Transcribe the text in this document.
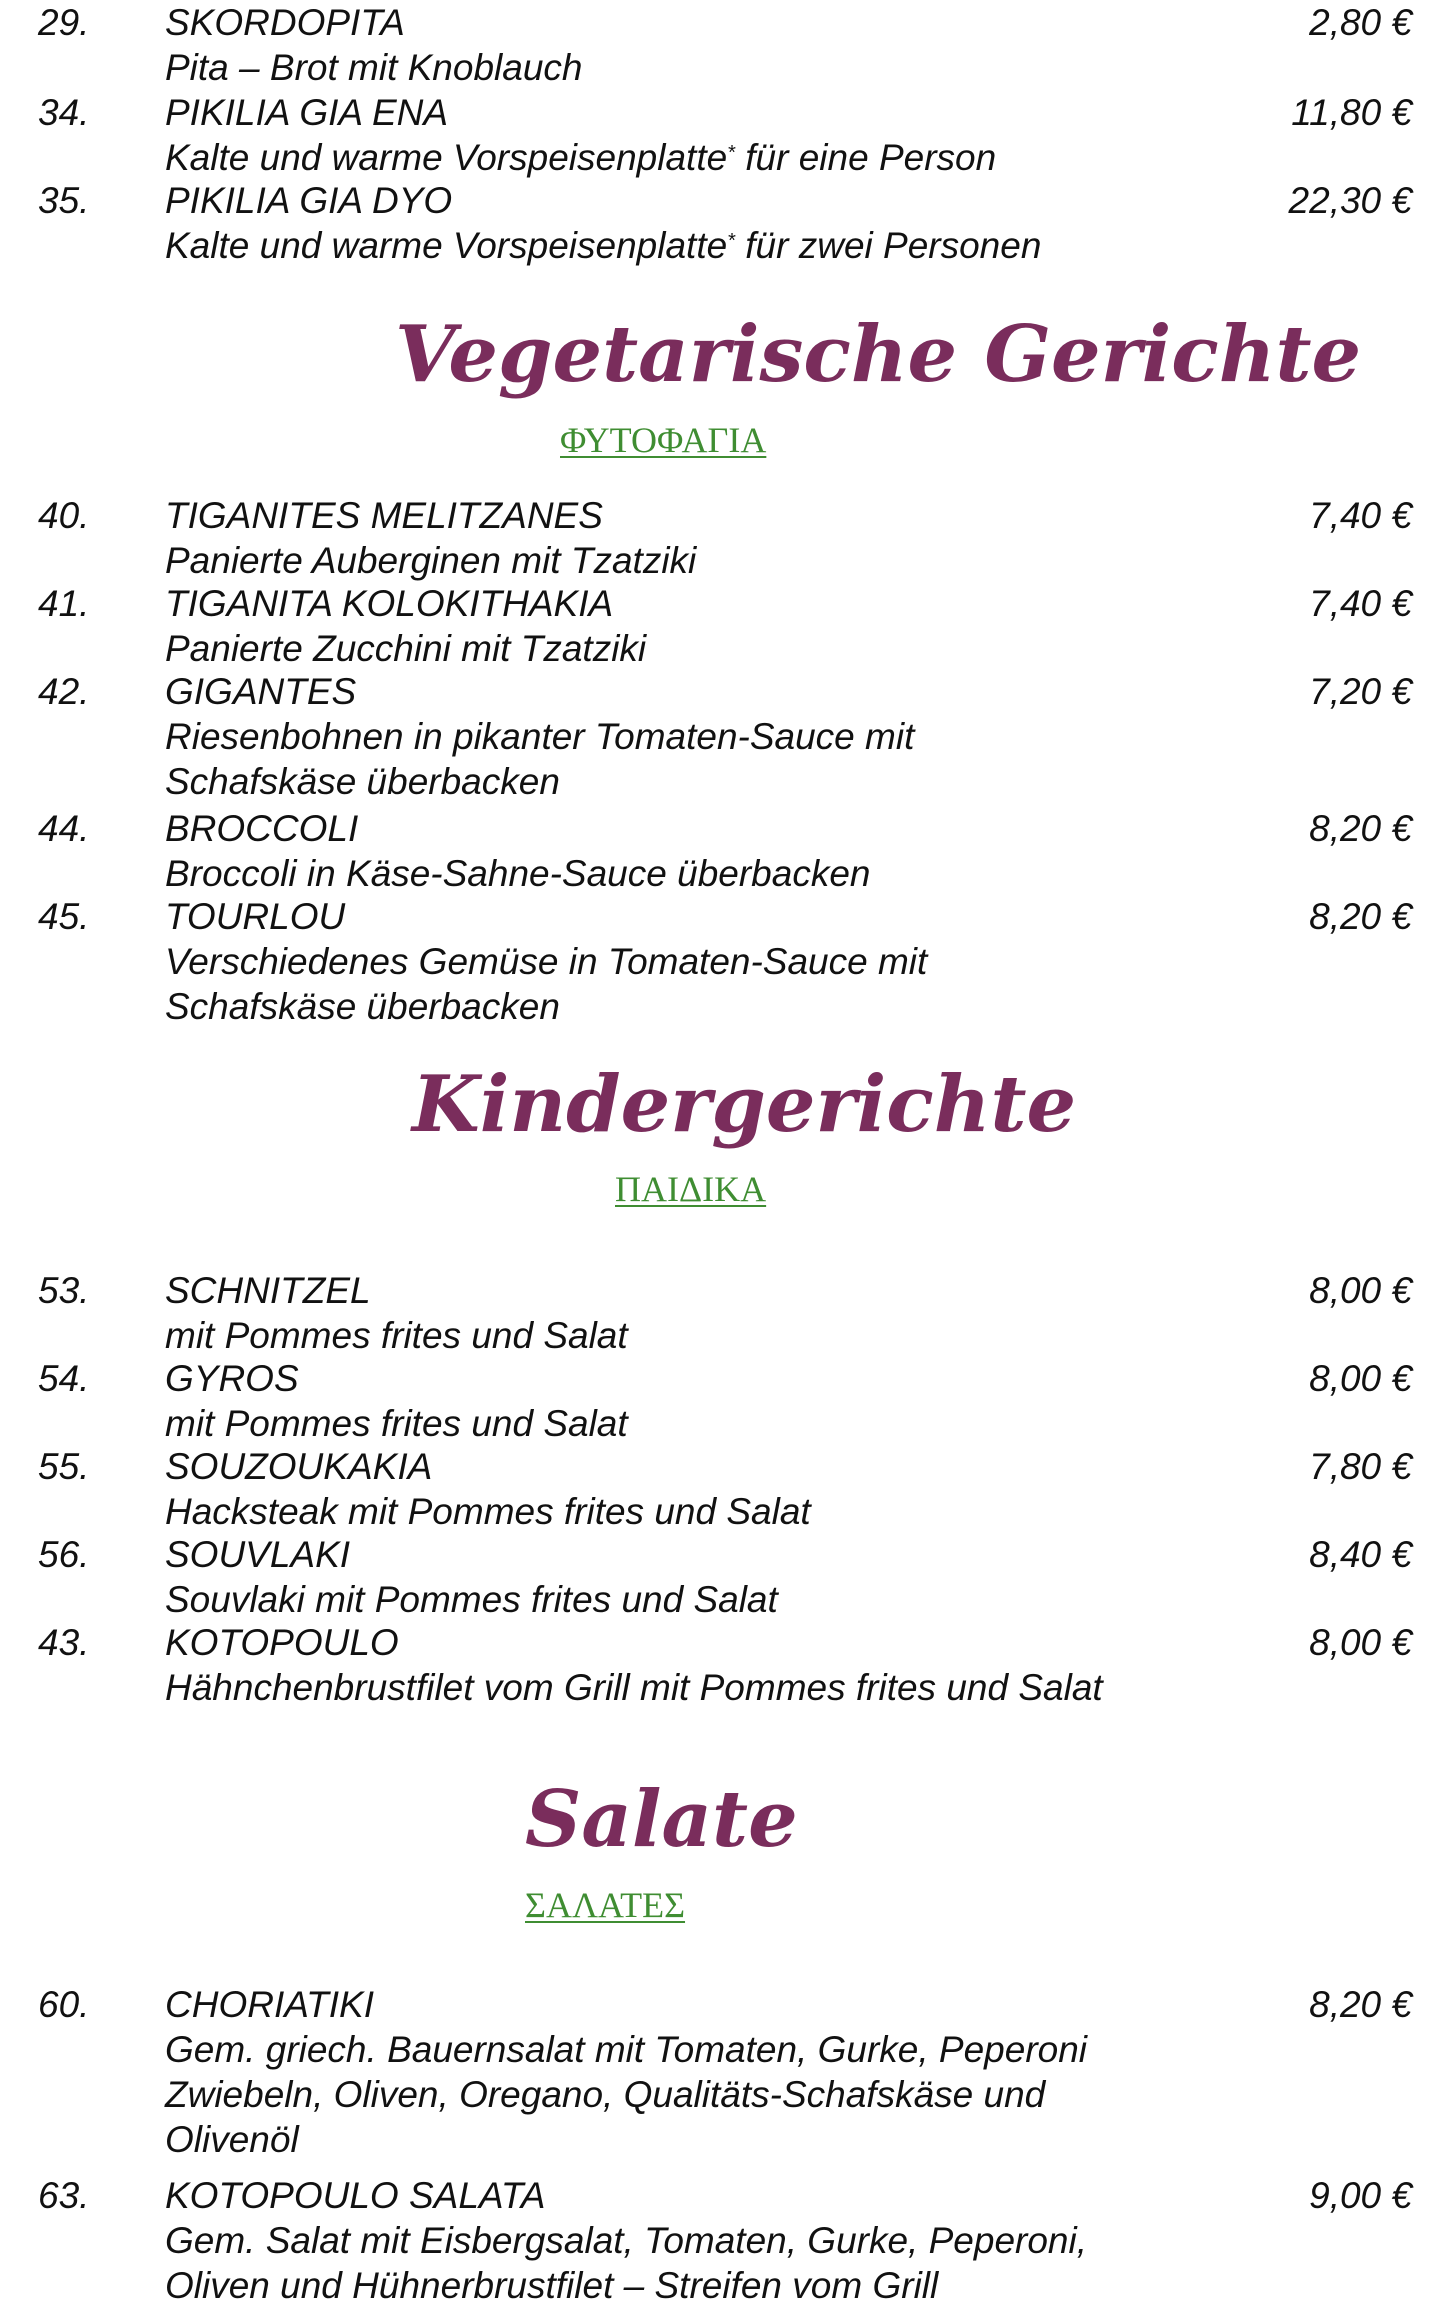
29. SKORDOPITA	2,80 €
Pita – Brot mit Knoblauch
34. PIKILIA GIA ENA	11,80 €
Kalte und warme Vorspeisenplatte* für eine Person
35. PIKILIA GIA DYO	22,30 €
Kalte und warme Vorspeisenplatte* für zwei Personen
Vegetarische Gerichte
ΦΥΤΟΦΑΓΙΑ
40. TIGANITES MELITZANES	7,40 €
Panierte Auberginen mit Tzatziki
41. TIGANITA KOLOKITHAKIA	7,40 €
Panierte Zucchini mit Tzatziki
42. GIGANTES	7,20 €
Riesenbohnen in pikanter Tomaten-Sauce mit
Schafskäse überbacken
44. BROCCOLI	8,20 €
Broccoli in Käse-Sahne-Sauce überbacken
45. TOURLOU	8,20 €
Verschiedenes Gemüse in Tomaten-Sauce mit
Schafskäse überbacken
Kindergerichte
ΠΑΙΔΙΚΑ
53. SCHNITZEL	8,00 €
mit Pommes frites und Salat
54. GYROS	8,00 €
mit Pommes frites und Salat
55. SOUZOUKAKIA	7,80 €
Hacksteak mit Pommes frites und Salat
56. SOUVLAKI	8,40 €
Souvlaki mit Pommes frites und Salat
43. KOTOPOULO	8,00 €
Hähnchenbrustfilet vom Grill mit Pommes frites und Salat
Salate
ΣΑΛΑΤΕΣ
60. CHORIATIKI	8,20 €
Gem. griech. Bauernsalat mit Tomaten, Gurke, Peperoni
Zwiebeln, Oliven, Oregano, Qualitäts-Schafskäse und
Olivenöl
63. KOTOPOULO SALATA	9,00 €
Gem. Salat mit Eisbergsalat, Tomaten, Gurke, Peperoni,
Oliven und Hühnerbrustfilet – Streifen vom Grill
